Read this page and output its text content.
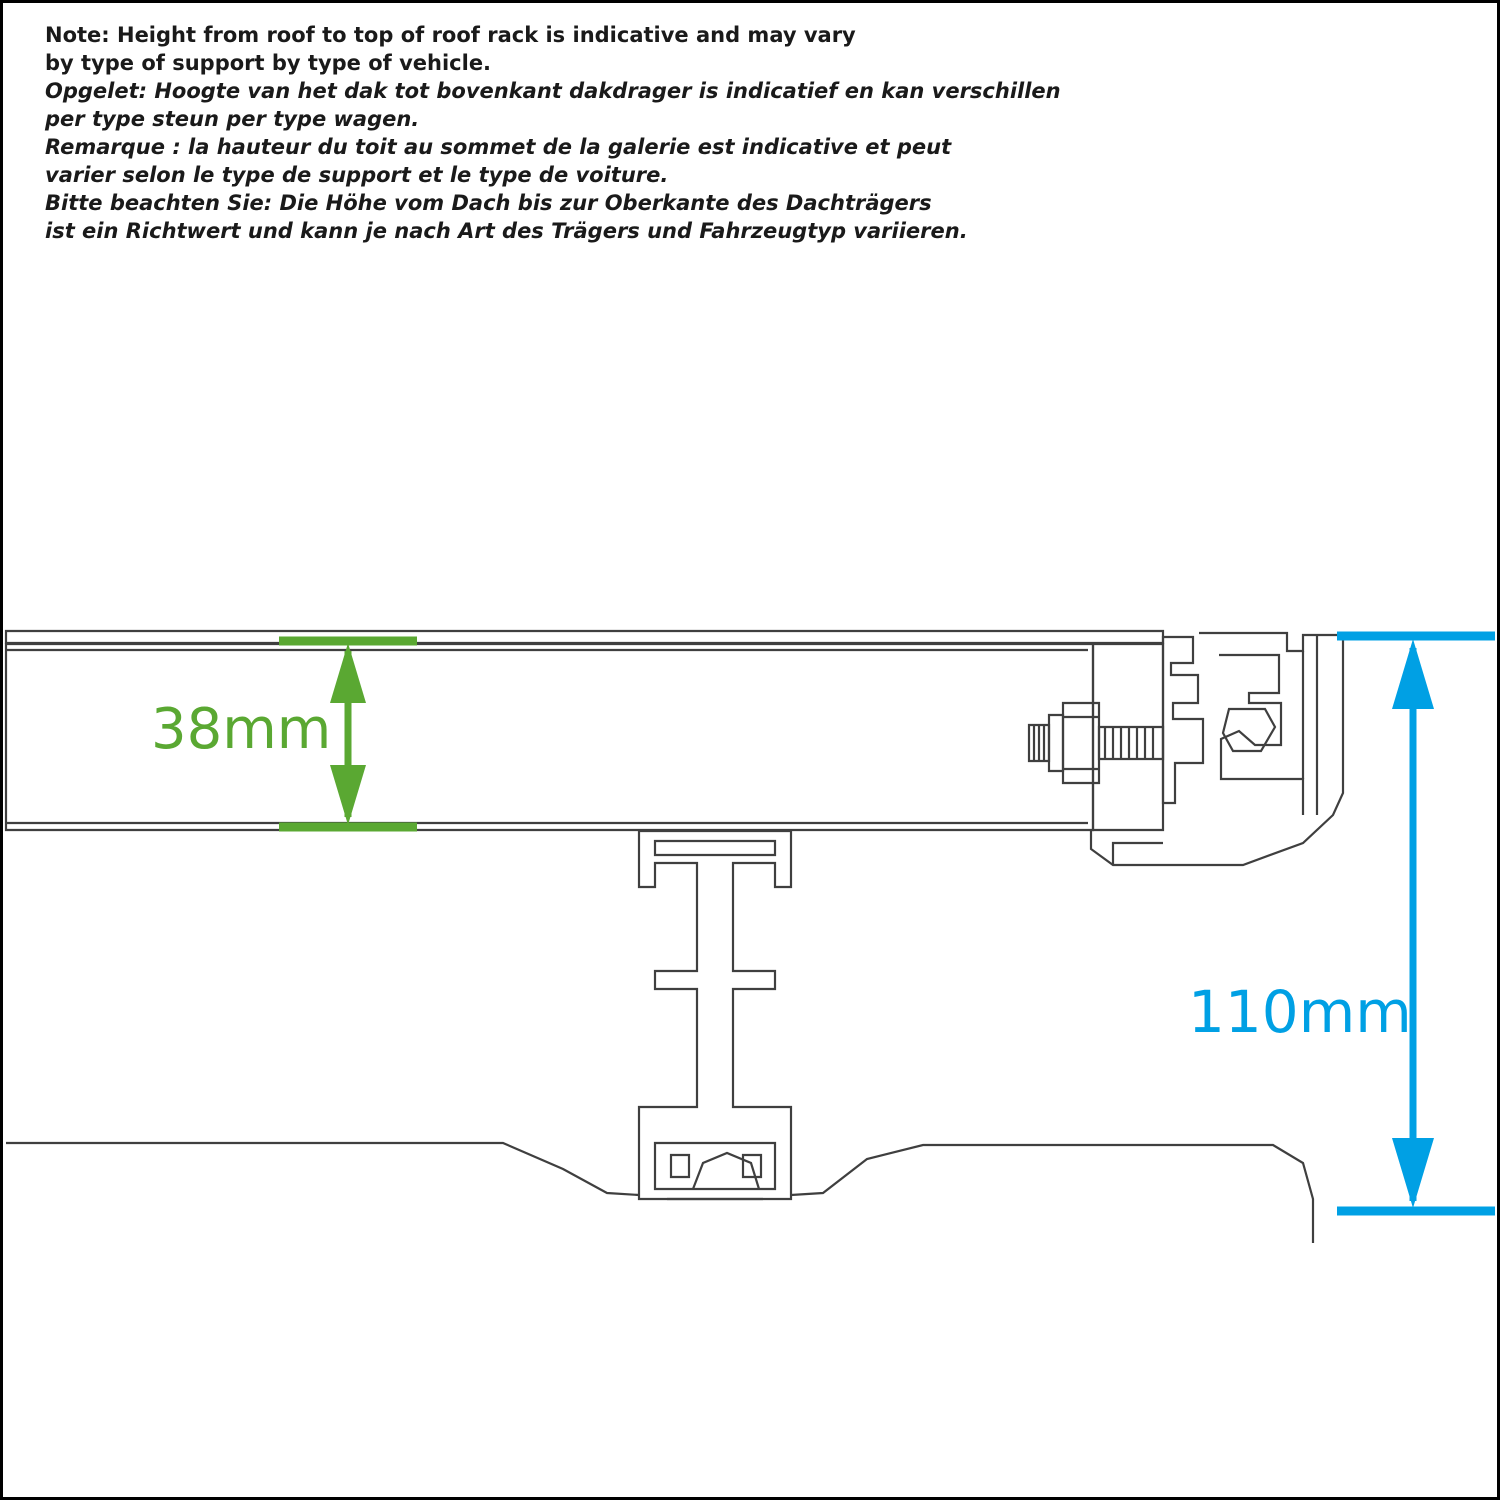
Note: Height from roof to top of roof rack is indicative and may vary
by type of support by type of vehicle.
Opgelet: Hoogte van het dak tot bovenkant dakdrager is indicatief en kan verschillen
per type steun per type wagen.
Remarque : la hauteur du toit au sommet de la galerie est indicative et peut
varier selon le type de support et le type de voiture.
Bitte beachten Sie: Die Höhe vom Dach bis zur Oberkante des Dachträgers
ist ein Richtwert und kann je nach Art des Trägers und Fahrzeugtyp variieren.
38mm
110mm
